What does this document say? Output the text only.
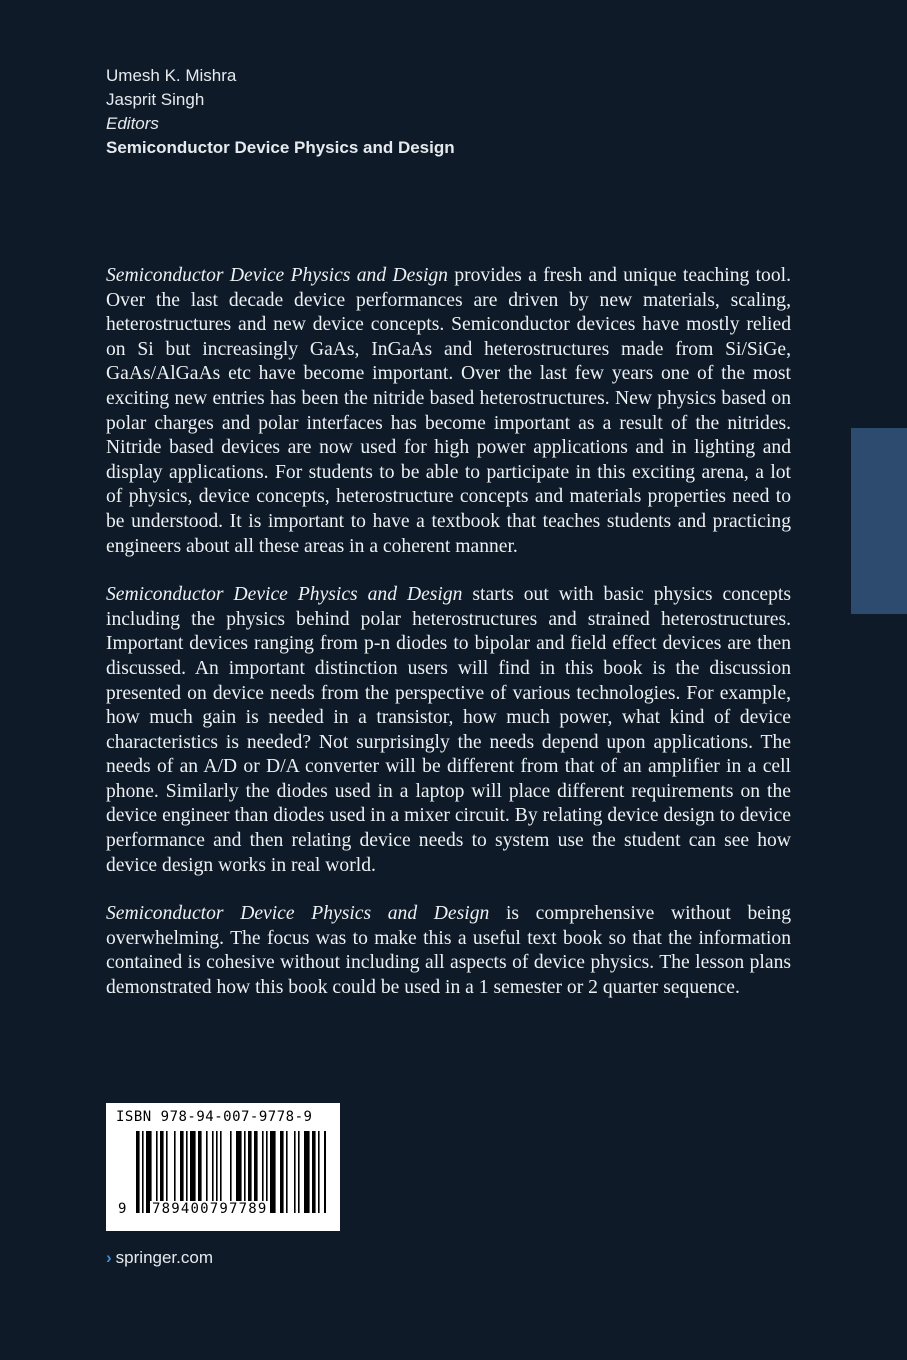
Umesh K. Mishra
Jasprit Singh
Editors
Semiconductor Device Physics and Design

Semiconductor Device Physics and Design provides a fresh and unique teaching tool. Over the last decade device performances are driven by new materials, scaling, heterostructures and new device concepts. Semiconductor devices have mostly relied on Si but increasingly GaAs, InGaAs and heterostructures made from Si/SiGe, GaAs/AlGaAs etc have become important. Over the last few years one of the most exciting new entries has been the nitride based heterostructures. New physics based on polar charges and polar interfaces has become important as a result of the nitrides. Nitride based devices are now used for high power applications and in lighting and display applications. For students to be able to participate in this exciting arena, a lot of physics, device concepts, heterostructure concepts and materials properties need to be understood. It is important to have a textbook that teaches students and practicing engineers about all these areas in a coherent manner.

Semiconductor Device Physics and Design starts out with basic physics concepts including the physics behind polar heterostructures and strained heterostructures. Important devices ranging from p-n diodes to bipolar and field effect devices are then discussed. An important distinction users will find in this book is the discussion presented on device needs from the perspective of various technologies. For example, how much gain is needed in a transistor, how much power, what kind of device characteristics is needed? Not surprisingly the needs depend upon applications. The needs of an A/D or D/A converter will be different from that of an amplifier in a cell phone. Similarly the diodes used in a laptop will place different requirements on the device engineer than diodes used in a mixer circuit. By relating device design to device performance and then relating device needs to system use the student can see how device design works in real world.

Semiconductor Device Physics and Design is comprehensive without being overwhelming. The focus was to make this a useful text book so that the information contained is cohesive without including all aspects of device physics. The lesson plans demonstrated how this book could be used in a 1 semester or 2 quarter sequence.

ISBN 978-94-007-9778-9
9 789400797789
› springer.com
